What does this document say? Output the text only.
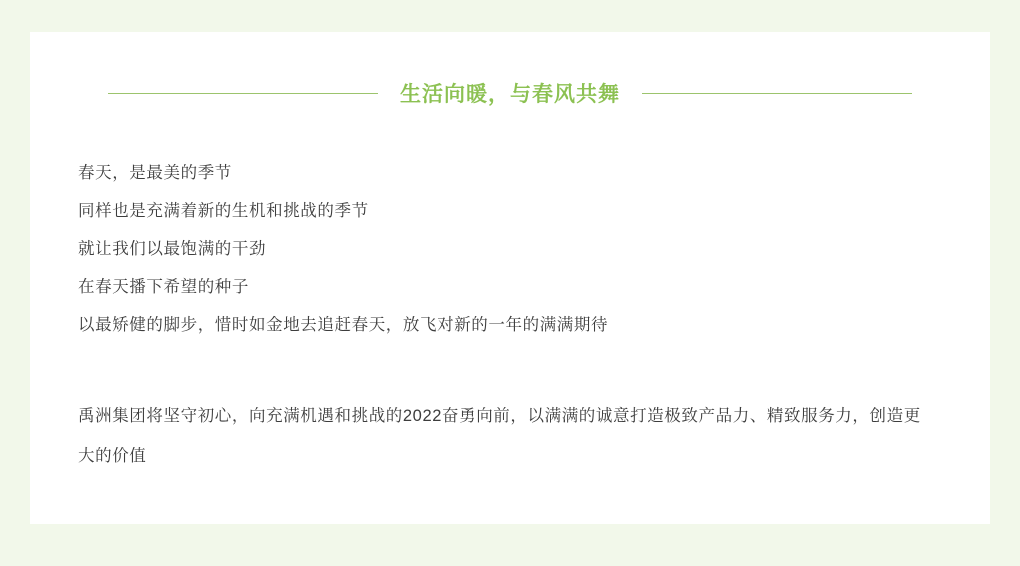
生活向暖，与春风共舞
春天，是最美的季节
同样也是充满着新的生机和挑战的季节
就让我们以最饱满的干劲
在春天播下希望的种子
以最矫健的脚步，惜时如金地去追赶春天，放飞对新的一年的满满期待
禹洲集团将坚守初心，向充满机遇和挑战的2022奋勇向前，以满满的诚意打造极致产品力、精致服务力，创造更大的价值
